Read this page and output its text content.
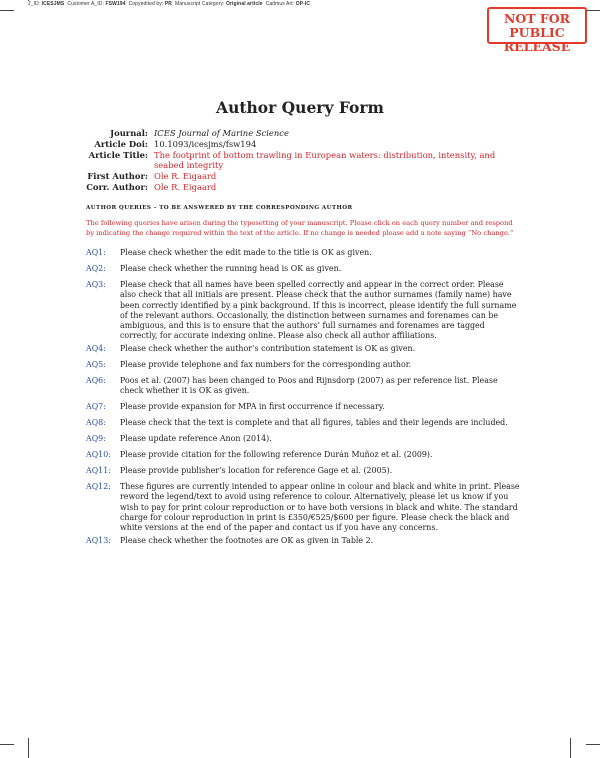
J_ID: ICESJMS Customer A_ID: FSW194 Copyedited by: PR Manuscript Category: Original article Cadmus Art: OP-IC
NOT FOR
PUBLIC RELEASE
Author Query Form
Journal: ICES Journal of Marine Science
Article Doi: 10.1093/icesjms/fsw194
Article Title: The footprint of bottom trawling in European waters: distribution, intensity, and seabed integrity
First Author: Ole R. Eigaard
Corr. Author: Ole R. Eigaard
AUTHOR QUERIES – TO BE ANSWERED BY THE CORRESPONDING AUTHOR
The following queries have arisen during the typesetting of your manuscript. Please click on each query number and respond by indicating the change required within the text of the article. If no change is needed please add a note saying “No change.”
AQ1:	Please check whether the edit made to the title is OK as given.
AQ2:	Please check whether the running head is OK as given.
AQ3:	Please check that all names have been spelled correctly and appear in the correct order. Please also check that all initials are present. Please check that the author surnames (family name) have been correctly identified by a pink background. If this is incorrect, please identify the full surname of the relevant authors. Occasionally, the distinction between surnames and forenames can be ambiguous, and this is to ensure that the authors’ full surnames and forenames are tagged correctly, for accurate indexing online. Please also check all author affiliations.
AQ4:	Please check whether the author’s contribution statement is OK as given.
AQ5:	Please provide telephone and fax numbers for the corresponding author.
AQ6:	Poos et al. (2007) has been changed to Poos and Rijnsdorp (2007) as per reference list. Please check whether it is OK as given.
AQ7:	Please provide expansion for MPA in first occurrence if necessary.
AQ8:	Please check that the text is complete and that all figures, tables and their legends are included.
AQ9:	Please update reference Anon (2014).
AQ10:	Please provide citation for the following reference Durán Muñoz et al. (2009).
AQ11:	Please provide publisher’s location for reference Gage et al. (2005).
AQ12:	These figures are currently intended to appear online in colour and black and white in print. Please reword the legend/text to avoid using reference to colour. Alternatively, please let us know if you wish to pay for print colour reproduction or to have both versions in black and white. The standard charge for colour reproduction in print is £350/€525/$600 per figure. Please check the black and white versions at the end of the paper and contact us if you have any concerns.
AQ13:	Please check whether the footnotes are OK as given in Table 2.
